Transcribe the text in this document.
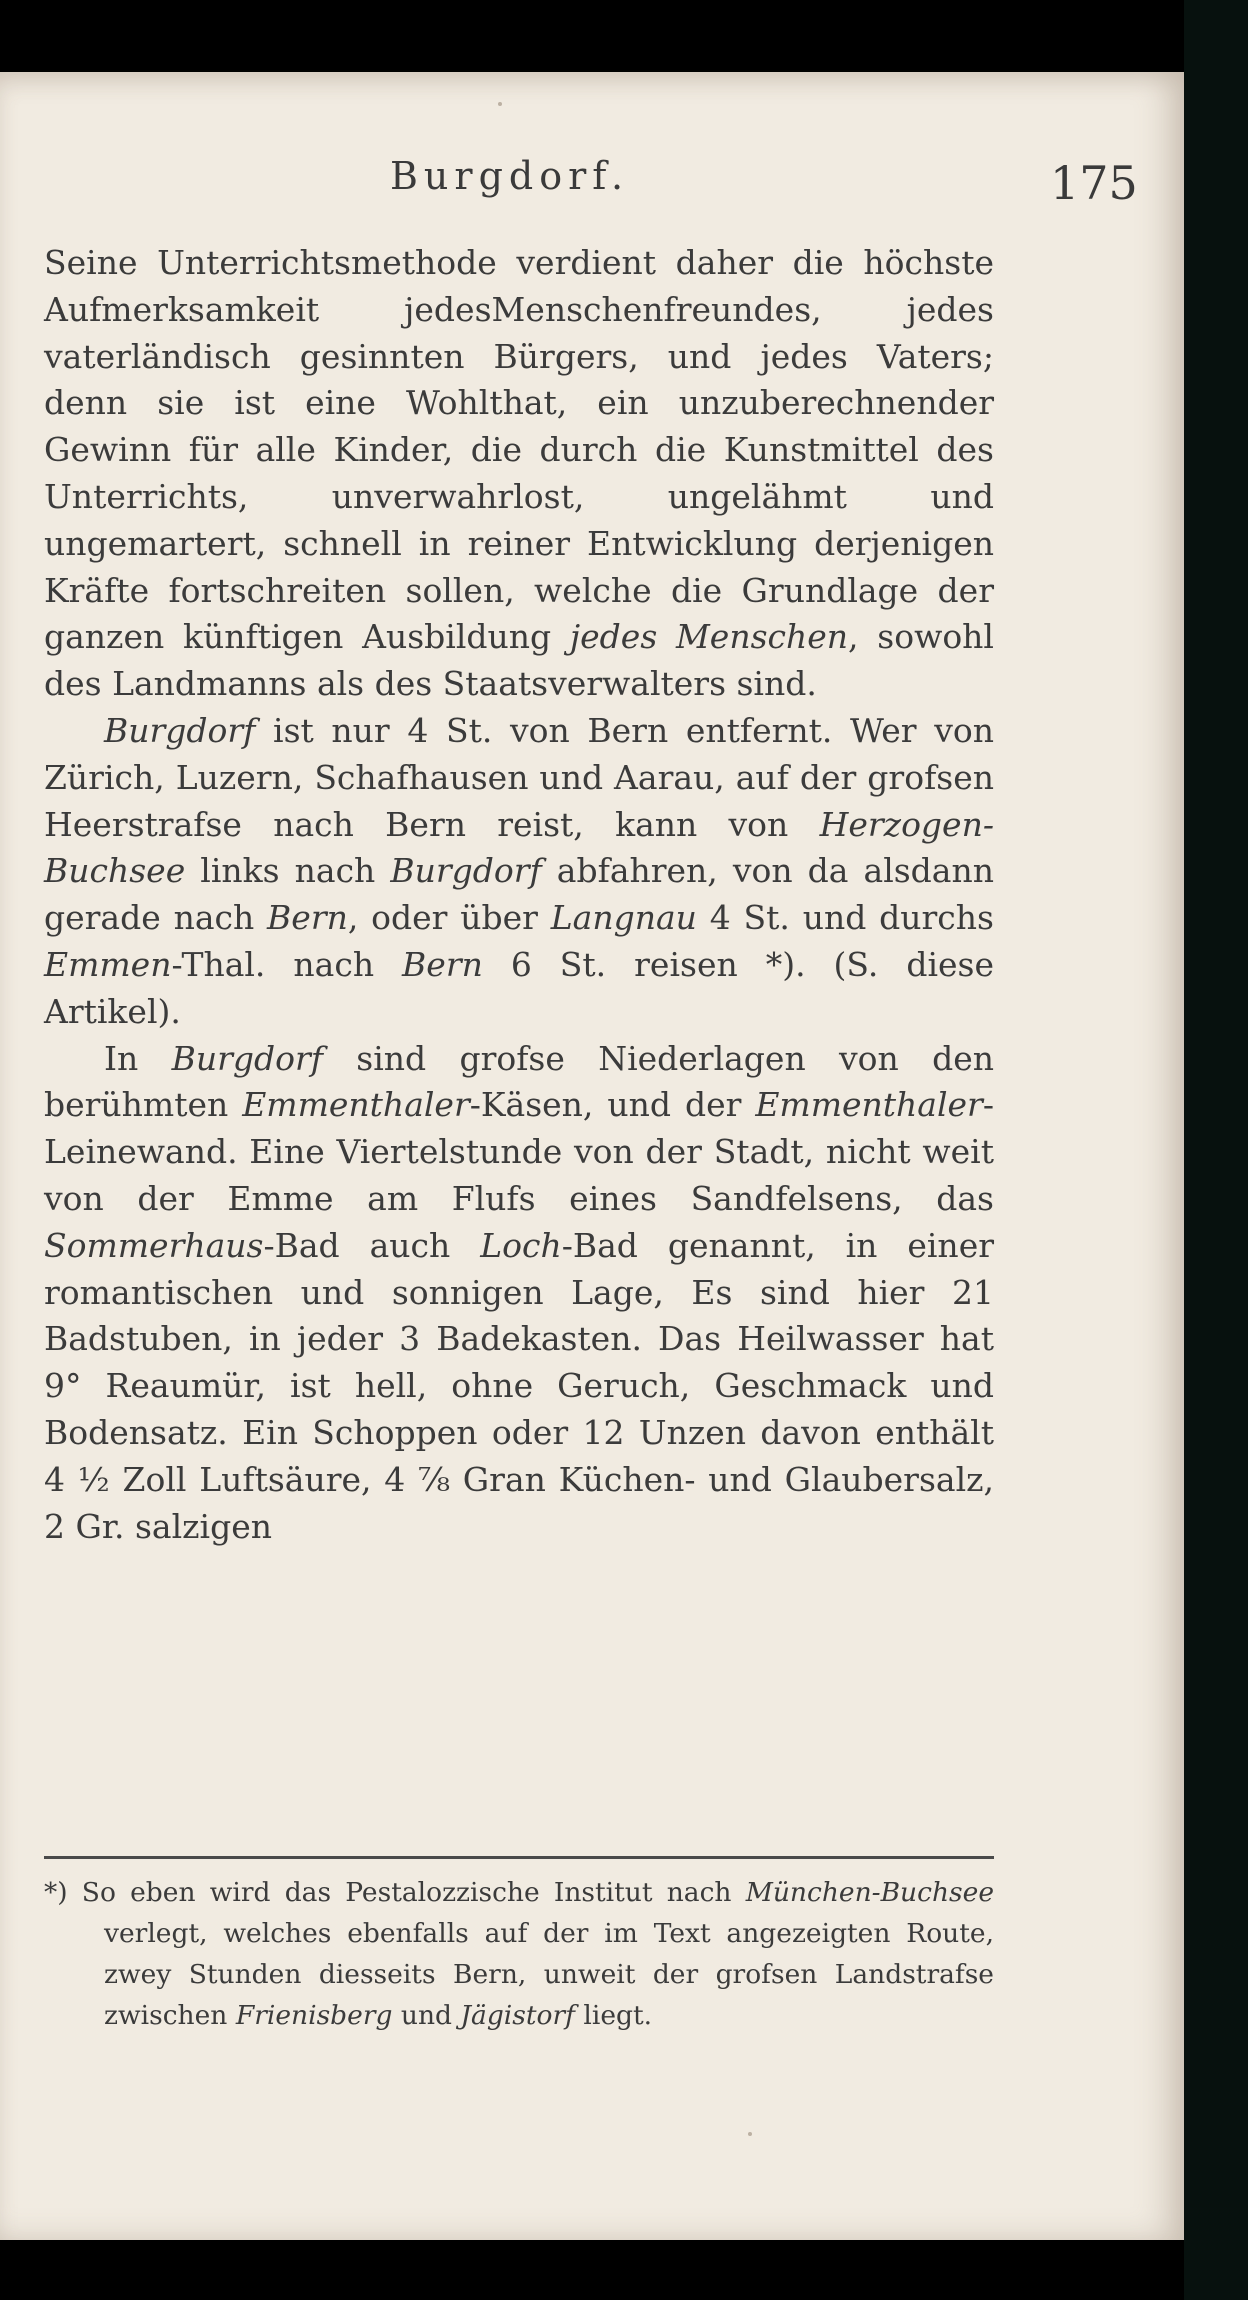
Burgdorf.	175

Seine Unterrichtsmethode verdient daher die höchste Aufmerksamkeit jedesMenschenfreundes, jedes vaterländisch gesinnten Bürgers, und jedes Vaters; denn sie ist eine Wohlthat, ein unzuberechnender Gewinn für alle Kinder, die durch die Kunstmittel des Unterrichts, unverwahrlost, ungelähmt und ungemartert, schnell in reiner Entwicklung derjenigen Kräfte fortschreiten sollen, welche die Grundlage der ganzen künftigen Ausbildung jedes Menschen, sowohl des Landmanns als des Staatsverwalters sind.

Burgdorf ist nur 4 St. von Bern entfernt. Wer von Zürich, Luzern, Schafhausen und Aarau, auf der grofsen Heerstrafse nach Bern reist, kann von Herzogen-Buchsee links nach Burgdorf abfahren, von da alsdann gerade nach Bern, oder über Langnau 4 St. und durchs Emmen-Thal. nach Bern 6 St. reisen *). (S. diese Artikel).

In Burgdorf sind grofse Niederlagen von den berühmten Emmenthaler-Käsen, und der Emmenthaler-Leinewand. Eine Viertelstunde von der Stadt, nicht weit von der Emme am Flufs eines Sandfelsens, das Sommerhaus-Bad auch Loch-Bad genannt, in einer romantischen und sonnigen Lage, Es sind hier 21 Badstuben, in jeder 3 Badekasten. Das Heilwasser hat 9° Reaumür, ist hell, ohne Geruch, Geschmack und Bodensatz. Ein Schoppen oder 12 Unzen davon enthält 4 ½ Zoll Luftsäure, 4 ⅞ Gran Küchen- und Glaubersalz, 2 Gr. salzigen

*) So eben wird das Pestalozzische Institut nach München-Buchsee verlegt, welches ebenfalls auf der im Text angezeigten Route, zwey Stunden diesseits Bern, unweit der grofsen Landstrafse zwischen Frienisberg und Jägistorf liegt.
